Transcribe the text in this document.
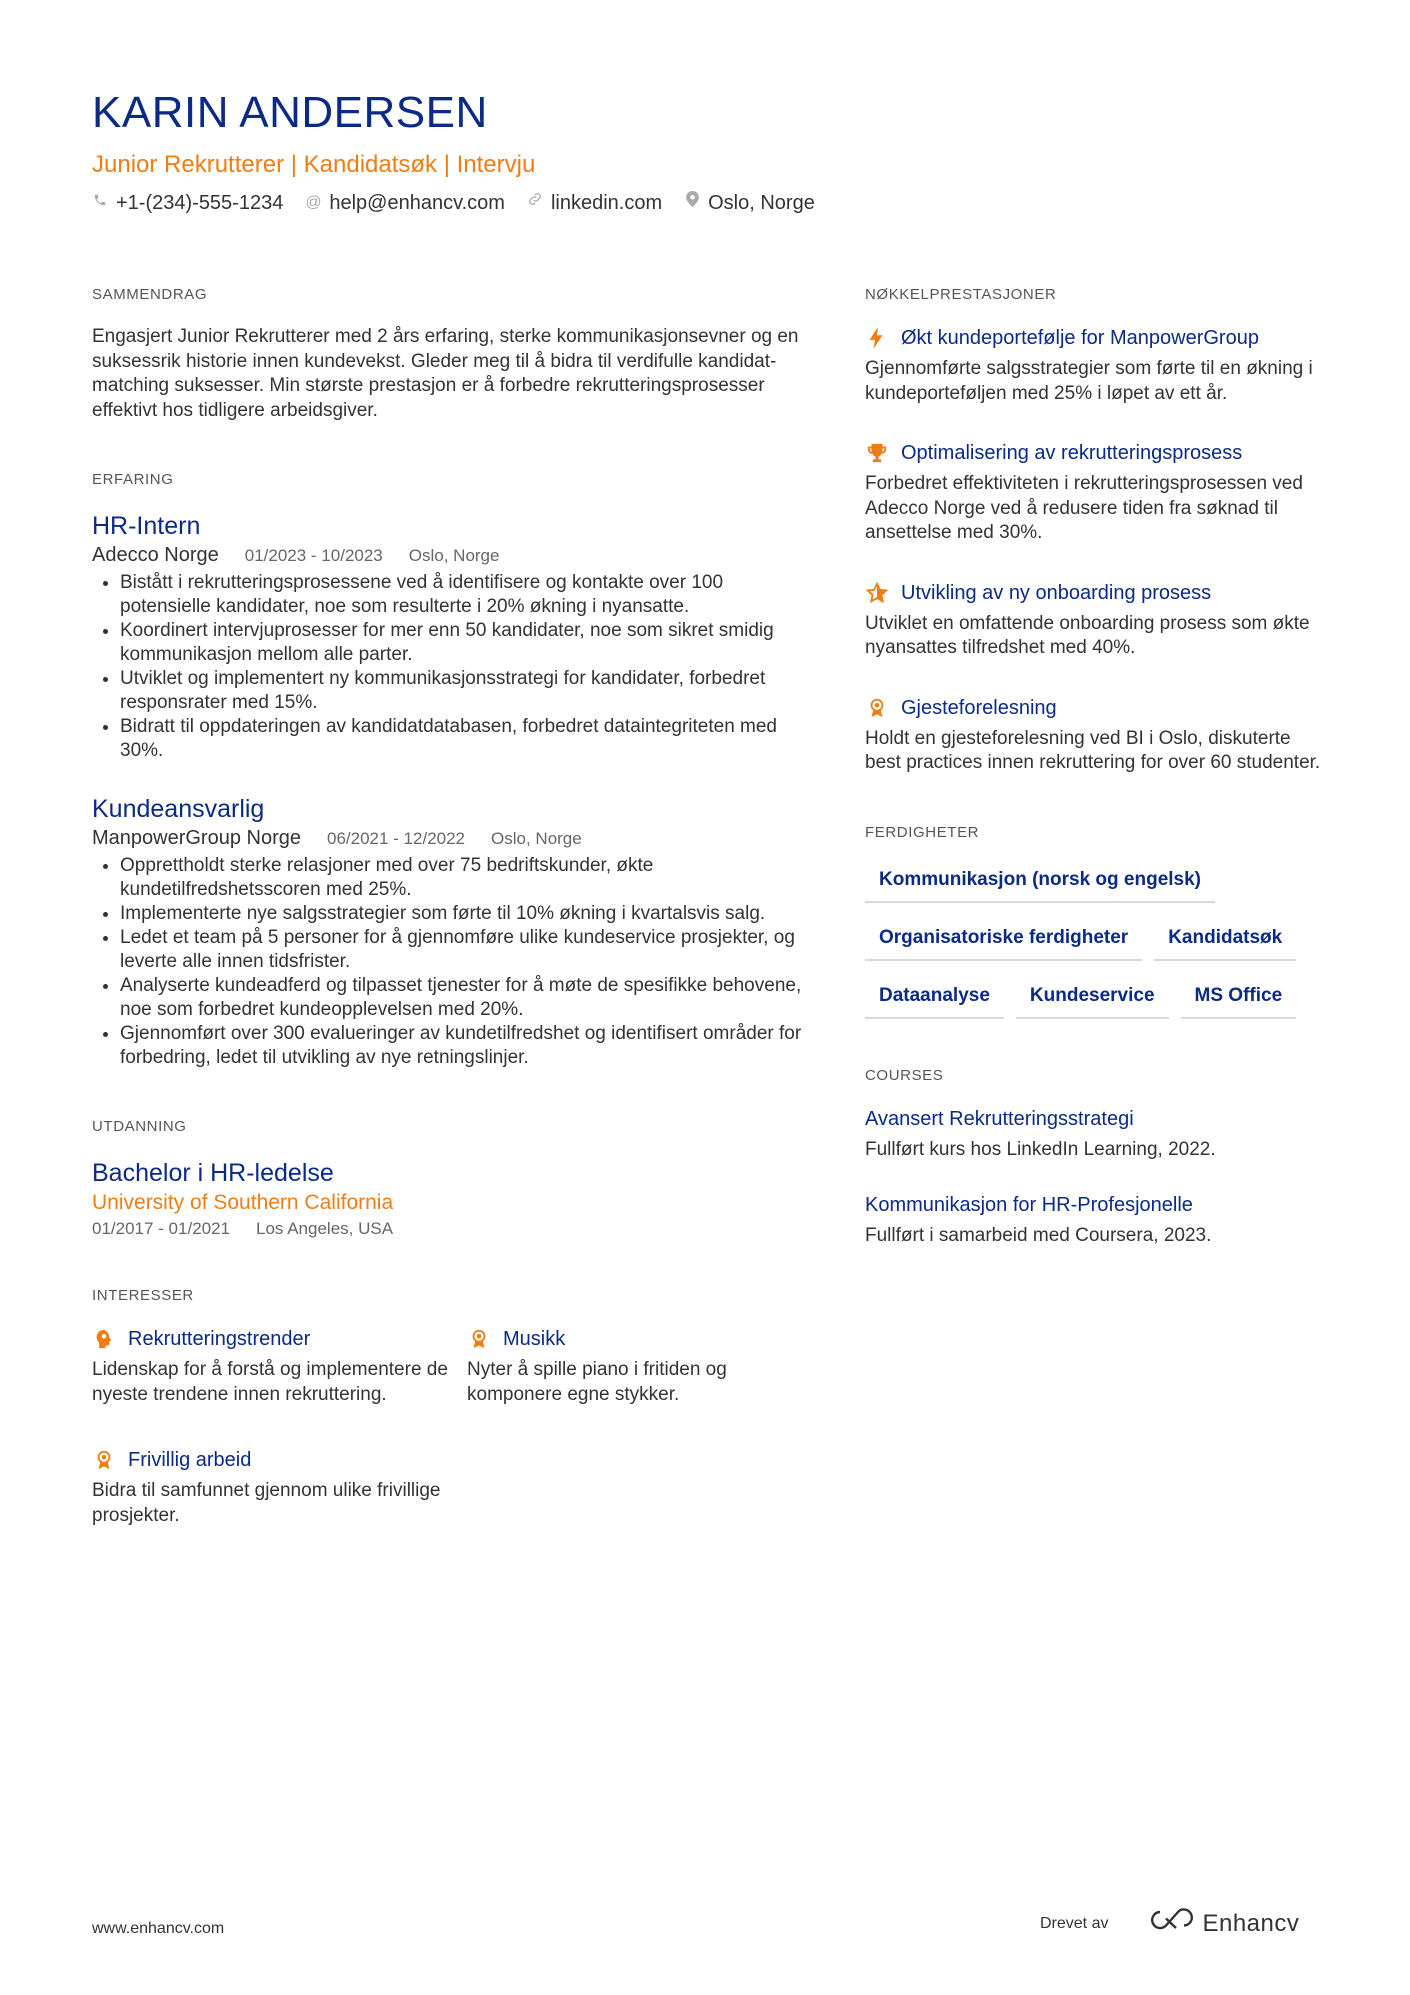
KARIN ANDERSEN
Junior Rekrutterer | Kandidatsøk | Intervju
+1-(234)-555-1234 @ help@enhancv.com linkedin.com Oslo, Norge
SAMMENDRAG
Engasjert Junior Rekrutterer med 2 års erfaring, sterke kommunikasjonsevner og en suksessrik historie innen kundevekst. Gleder meg til å bidra til verdifulle kandidat-matching suksesser. Min største prestasjon er å forbedre rekrutteringsprosesser effektivt hos tidligere arbeidsgiver.
ERFARING
HR-Intern
Adecco Norge 01/2023 - 10/2023 Oslo, Norge
• Bistått i rekrutteringsprosessene ved å identifisere og kontakte over 100 potensielle kandidater, noe som resulterte i 20% økning i nyansatte.
• Koordinert intervjuprosesser for mer enn 50 kandidater, noe som sikret smidig kommunikasjon mellom alle parter.
• Utviklet og implementert ny kommunikasjonsstrategi for kandidater, forbedret responsrater med 15%.
• Bidratt til oppdateringen av kandidatdatabasen, forbedret dataintegriteten med 30%.
Kundeansvarlig
ManpowerGroup Norge 06/2021 - 12/2022 Oslo, Norge
• Opprettholdt sterke relasjoner med over 75 bedriftskunder, økte kundetilfredshetsscoren med 25%.
• Implementerte nye salgsstrategier som førte til 10% økning i kvartalsvis salg.
• Ledet et team på 5 personer for å gjennomføre ulike kundeservice prosjekter, og leverte alle innen tidsfrister.
• Analyserte kundeadferd og tilpasset tjenester for å møte de spesifikke behovene, noe som forbedret kundeopplevelsen med 20%.
• Gjennomført over 300 evalueringer av kundetilfredshet og identifisert områder for forbedring, ledet til utvikling av nye retningslinjer.
UTDANNING
Bachelor i HR-ledelse
University of Southern California
01/2017 - 01/2021 Los Angeles, USA
INTERESSER
Rekrutteringstrender
Lidenskap for å forstå og implementere de nyeste trendene innen rekruttering.
Musikk
Nyter å spille piano i fritiden og komponere egne stykker.
Frivillig arbeid
Bidra til samfunnet gjennom ulike frivillige prosjekter.
NØKKELPRESTASJONER
Økt kundeportefølje for ManpowerGroup
Gjennomførte salgsstrategier som førte til en økning i kundeporteføljen med 25% i løpet av ett år.
Optimalisering av rekrutteringsprosess
Forbedret effektiviteten i rekrutteringsprosessen ved Adecco Norge ved å redusere tiden fra søknad til ansettelse med 30%.
Utvikling av ny onboarding prosess
Utviklet en omfattende onboarding prosess som økte nyansattes tilfredshet med 40%.
Gjesteforelesning
Holdt en gjesteforelesning ved BI i Oslo, diskuterte best practices innen rekruttering for over 60 studenter.
FERDIGHETER
Kommunikasjon (norsk og engelsk)
Organisatoriske ferdigheter	Kandidatsøk
Dataanalyse	Kundeservice	MS Office
COURSES
Avansert Rekrutteringsstrategi
Fullført kurs hos LinkedIn Learning, 2022.
Kommunikasjon for HR-Profesjonelle
Fullført i samarbeid med Coursera, 2023.
www.enhancv.com	Drevet av	Enhancv
